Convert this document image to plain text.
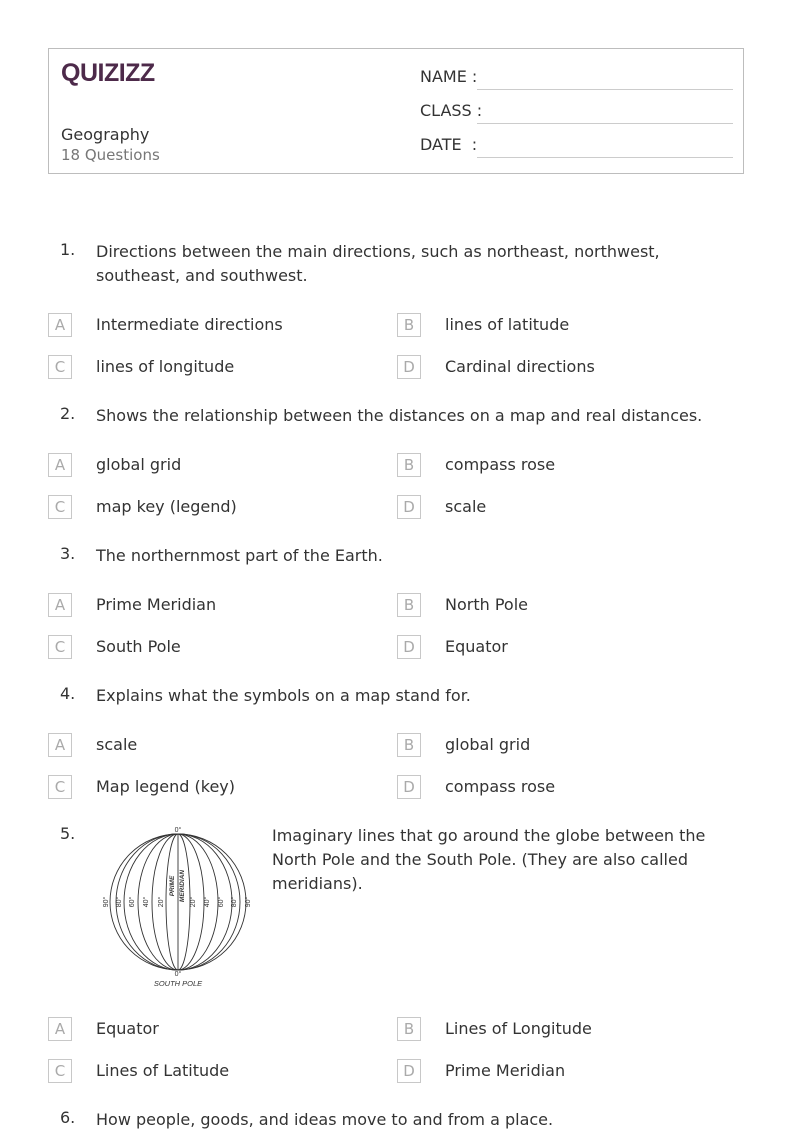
QUIZIZZ
Geography
18 Questions
NAME :
CLASS :
DATE  :
1. Directions between the main directions, such as northeast, northwest, southeast, and southwest.
A	Intermediate directions	B	lines of latitude
C	lines of longitude	D	Cardinal directions
2. Shows the relationship between the distances on a map and real distances.
A	global grid	B	compass rose
C	map key (legend)	D	scale
3. The northernmost part of the Earth.
A	Prime Meridian	B	North Pole
C	South Pole	D	Equator
4. Explains what the symbols on a map stand for.
A	scale	B	global grid
C	Map legend (key)	D	compass rose
5.	Imaginary lines that go around the globe between the North Pole and the South Pole. (They are also called meridians).
0°
0°
SOUTH POLE
PRIME MERIDIAN
90° 80° 60° 40° 20°	20° 40° 60° 80° 90°
A	Equator	B	Lines of Longitude
C	Lines of Latitude	D	Prime Meridian
6. How people, goods, and ideas move to and from a place.
